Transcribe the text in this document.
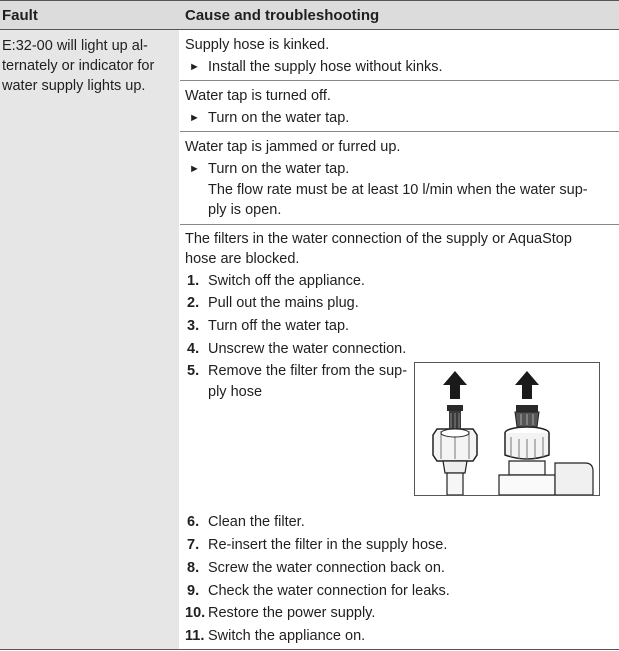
Fault	Cause and troubleshooting
E:32-00 will light up al-
ternately or indicator for
water supply lights up.
Supply hose is kinked.
► Install the supply hose without kinks.
Water tap is turned off.
► Turn on the water tap.
Water tap is jammed or furred up.
► Turn on the water tap.
The flow rate must be at least 10 l/min when the water sup-
ply is open.
The filters in the water connection of the supply or AquaStop
hose are blocked.
1. Switch off the appliance.
2. Pull out the mains plug.
3. Turn off the water tap.
4. Unscrew the water connection.
5. Remove the filter from the sup-
ply hose
6. Clean the filter.
7. Re-insert the filter in the supply hose.
8. Screw the water connection back on.
9. Check the water connection for leaks.
10. Restore the power supply.
11. Switch the appliance on.
